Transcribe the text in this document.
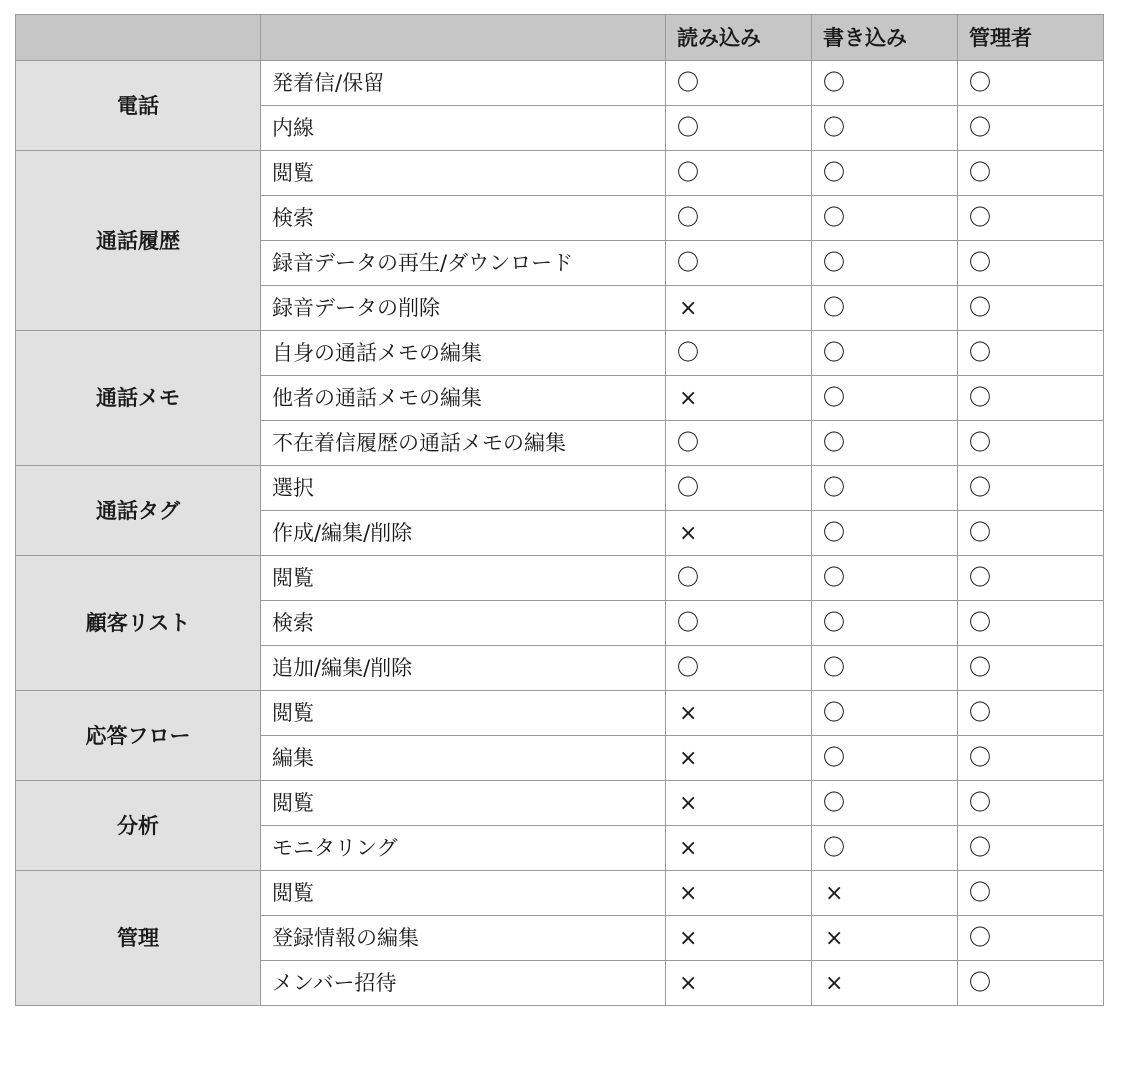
		読み込み	書き込み	管理者
電話	発着信/保留	〇	〇	〇
	内線	〇	〇	〇
通話履歴	閲覧	〇	〇	〇
	検索	〇	〇	〇
	録音データの再生/ダウンロード	〇	〇	〇
	録音データの削除	×	〇	〇
通話メモ	自身の通話メモの編集	〇	〇	〇
	他者の通話メモの編集	×	〇	〇
	不在着信履歴の通話メモの編集	〇	〇	〇
通話タグ	選択	〇	〇	〇
	作成/編集/削除	×	〇	〇
顧客リスト	閲覧	〇	〇	〇
	検索	〇	〇	〇
	追加/編集/削除	〇	〇	〇
応答フロー	閲覧	×	〇	〇
	編集	×	〇	〇
分析	閲覧	×	〇	〇
	モニタリング	×	〇	〇
管理	閲覧	×	×	〇
	登録情報の編集	×	×	〇
	メンバー招待	×	×	〇
